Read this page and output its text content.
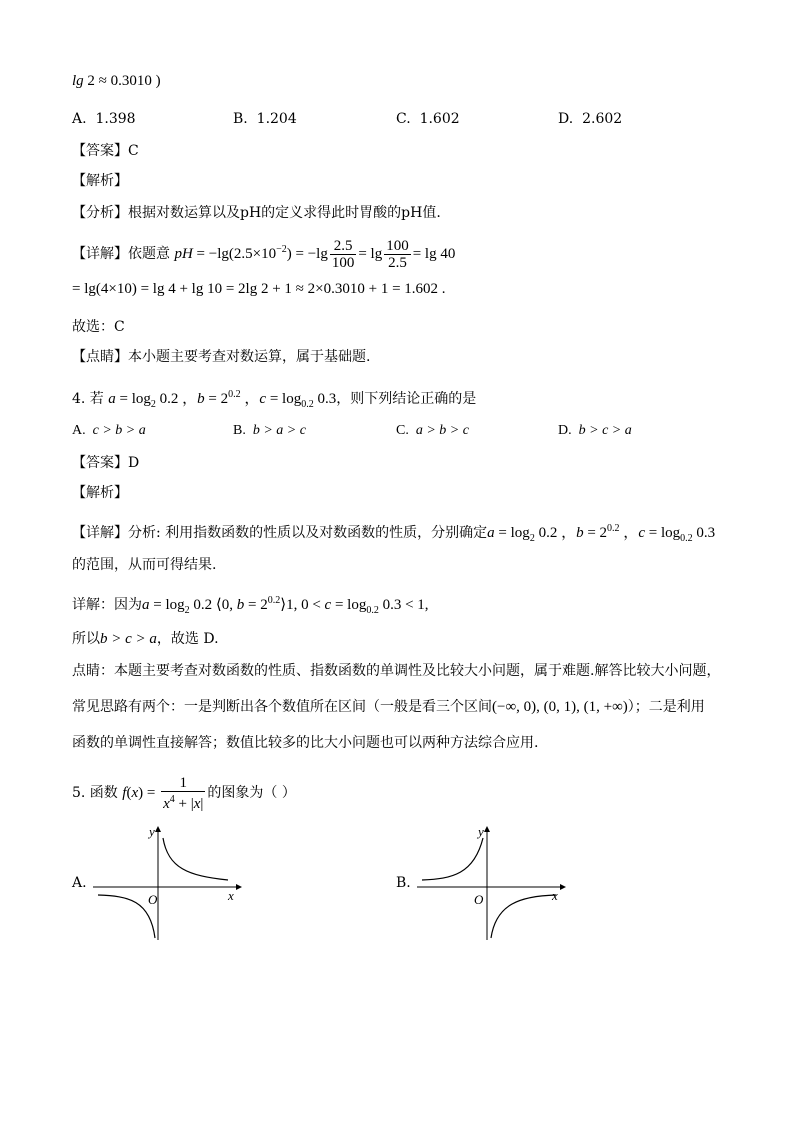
lg 2 ≈ 0.3010 )
A. 1.398	B. 1.204	C. 1.602	D. 2.602
【答案】C
【解析】
【分析】根据对数运算以及pH的定义求得此时胃酸的pH值.
【详解】依题意 pH = $-\lg(2.5\times 10^{-2}) = -\lg \frac{2.5}{100} = \lg \frac{100}{2.5} = \lg 40$
= lg(4×10) = lg 4 + lg 10 = 2lg 2 + 1 ≈ 2×0.3010 + 1 = 1.602 .
故选：C
【点睛】本小题主要考查对数运算，属于基础题.
4. 若 $a = \log_2 0.2$ ，$b = 2^{0.2}$ ，$c = \log_{0.2} 0.3$，则下列结论正确的是
A. c > b > a	B. b > a > c	C. a > b > c	D. b > c > a
【答案】D
【解析】
【详解】分析: 利用指数函数的性质以及对数函数的性质，分别确定$a = \log_2 0.2$ ，$b = 2^{0.2}$ ，$c = \log_{0.2} 0.3$
的范围，从而可得结果.
详解：因为$a = \log_2 0.2$ ⟨0, $b = 2^{0.2}⟩1$, $0 < c = \log_{0.2} 0.3 < 1$,
所以b > c > a，故选 D.
点睛：本题主要考查对数函数的性质、指数函数的单调性及比较大小问题，属于难题.解答比较大小问题，
常见思路有两个：一是判断出各个数值所在区间（一般是看三个区间(−∞, 0), (0, 1), (1, +∞)）；二是利用
函数的单调性直接解答；数值比较多的比大小问题也可以两种方法综合应用.
5. 函数 $f(x) = \frac{1}{x^4 + |x|}$ 的图象为（ ）
A.
y
x
O
B.
y
x
O
